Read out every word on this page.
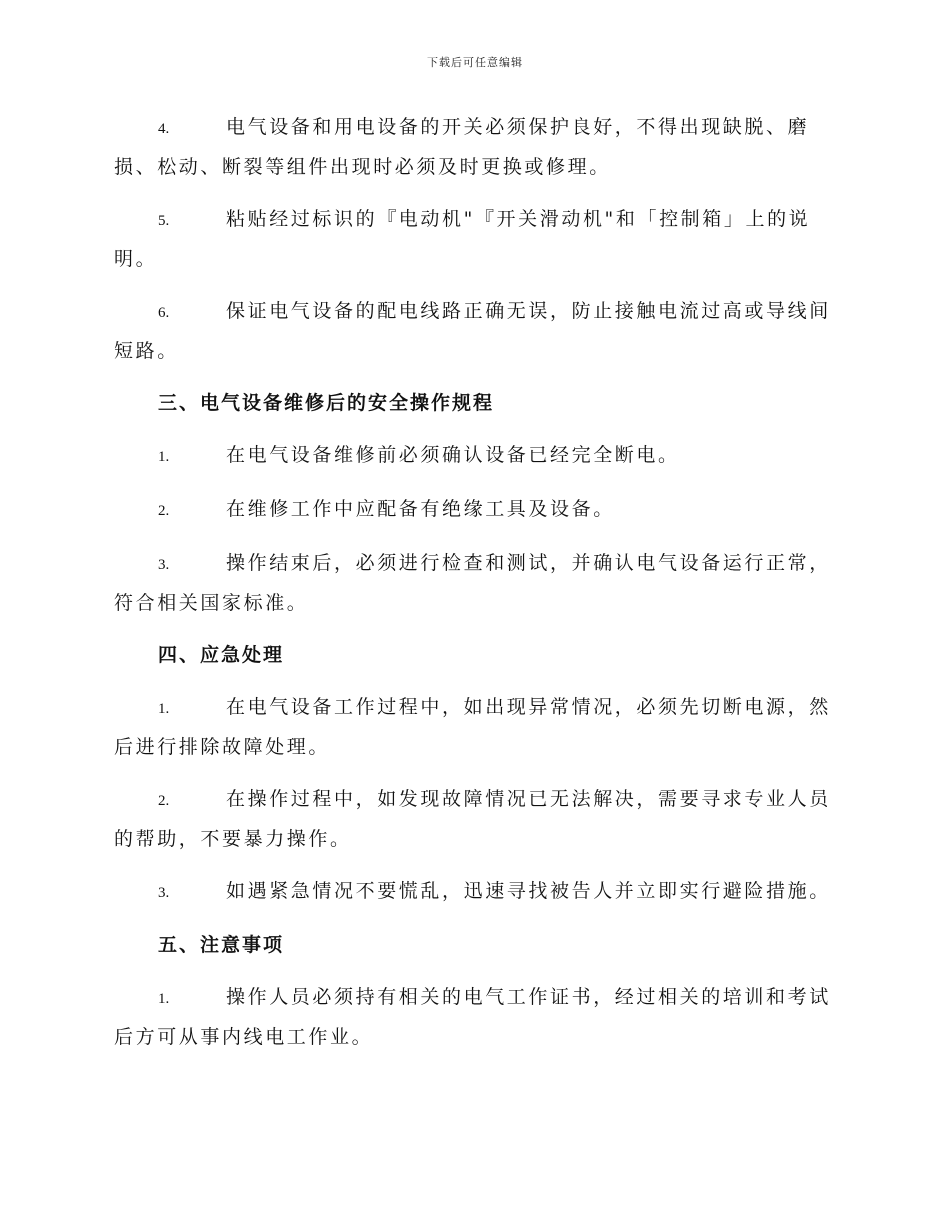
下载后可任意编辑

4.	电气设备和用电设备的开关必须保护良好，不得出现缺脱、磨损、松动、断裂等组件出现时必须及时更换或修理。

5.	粘贴经过标识的『电动机"『开关滑动机"和「控制箱」上的说明。

6.	保证电气设备的配电线路正确无误，防止接触电流过高或导线间短路。

三、电气设备维修后的安全操作规程

1.	在电气设备维修前必须确认设备已经完全断电。

2.	在维修工作中应配备有绝缘工具及设备。

3.	操作结束后，必须进行检查和测试，并确认电气设备运行正常，符合相关国家标准。

四、应急处理

1.	在电气设备工作过程中，如出现异常情况，必须先切断电源，然后进行排除故障处理。

2.	在操作过程中，如发现故障情况已无法解决，需要寻求专业人员的帮助，不要暴力操作。

3.	如遇紧急情况不要慌乱，迅速寻找被告人并立即实行避险措施。

五、注意事项

1.	操作人员必须持有相关的电气工作证书，经过相关的培训和考试后方可从事内线电工作业。
